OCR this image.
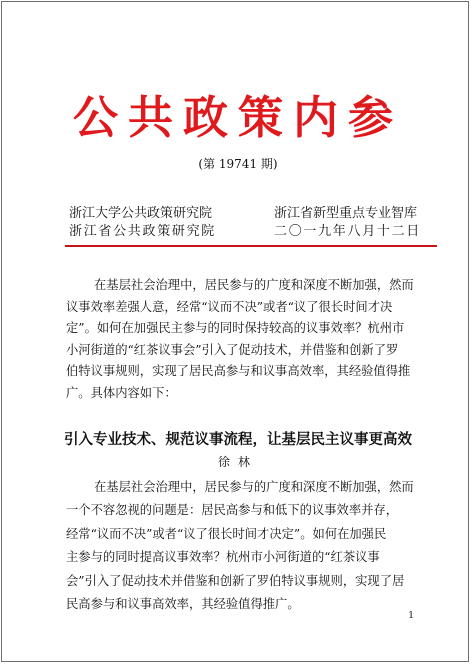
公共政策内参
(第 19741 期)
浙江大学公共政策研究院
浙江省公共政策研究院
浙江省新型重点专业智库
二〇一九年八月十二日
在基层社会治理中，居民参与的广度和深度不断加强，然而
议事效率差强人意，经常“议而不决”或者“议了很长时间才决
定”。如何在加强民主参与的同时保持较高的议事效率？杭州市
小河街道的“红茶议事会”引入了促动技术，并借鉴和创新了罗
伯特议事规则，实现了居民高参与和议事高效率，其经验值得推
广。具体内容如下：
引入专业技术、规范议事流程，让基层民主议事更高效
徐林
在基层社会治理中，居民参与的广度和深度不断加强，然而
一个不容忽视的问题是：居民高参与和低下的议事效率并存，
经常“议而不决”或者“议了很长时间才决定”。如何在加强民
主参与的同时提高议事效率？杭州市小河街道的“红茶议事
会”引入了促动技术并借鉴和创新了罗伯特议事规则，实现了居
民高参与和议事高效率，其经验值得推广。
1
